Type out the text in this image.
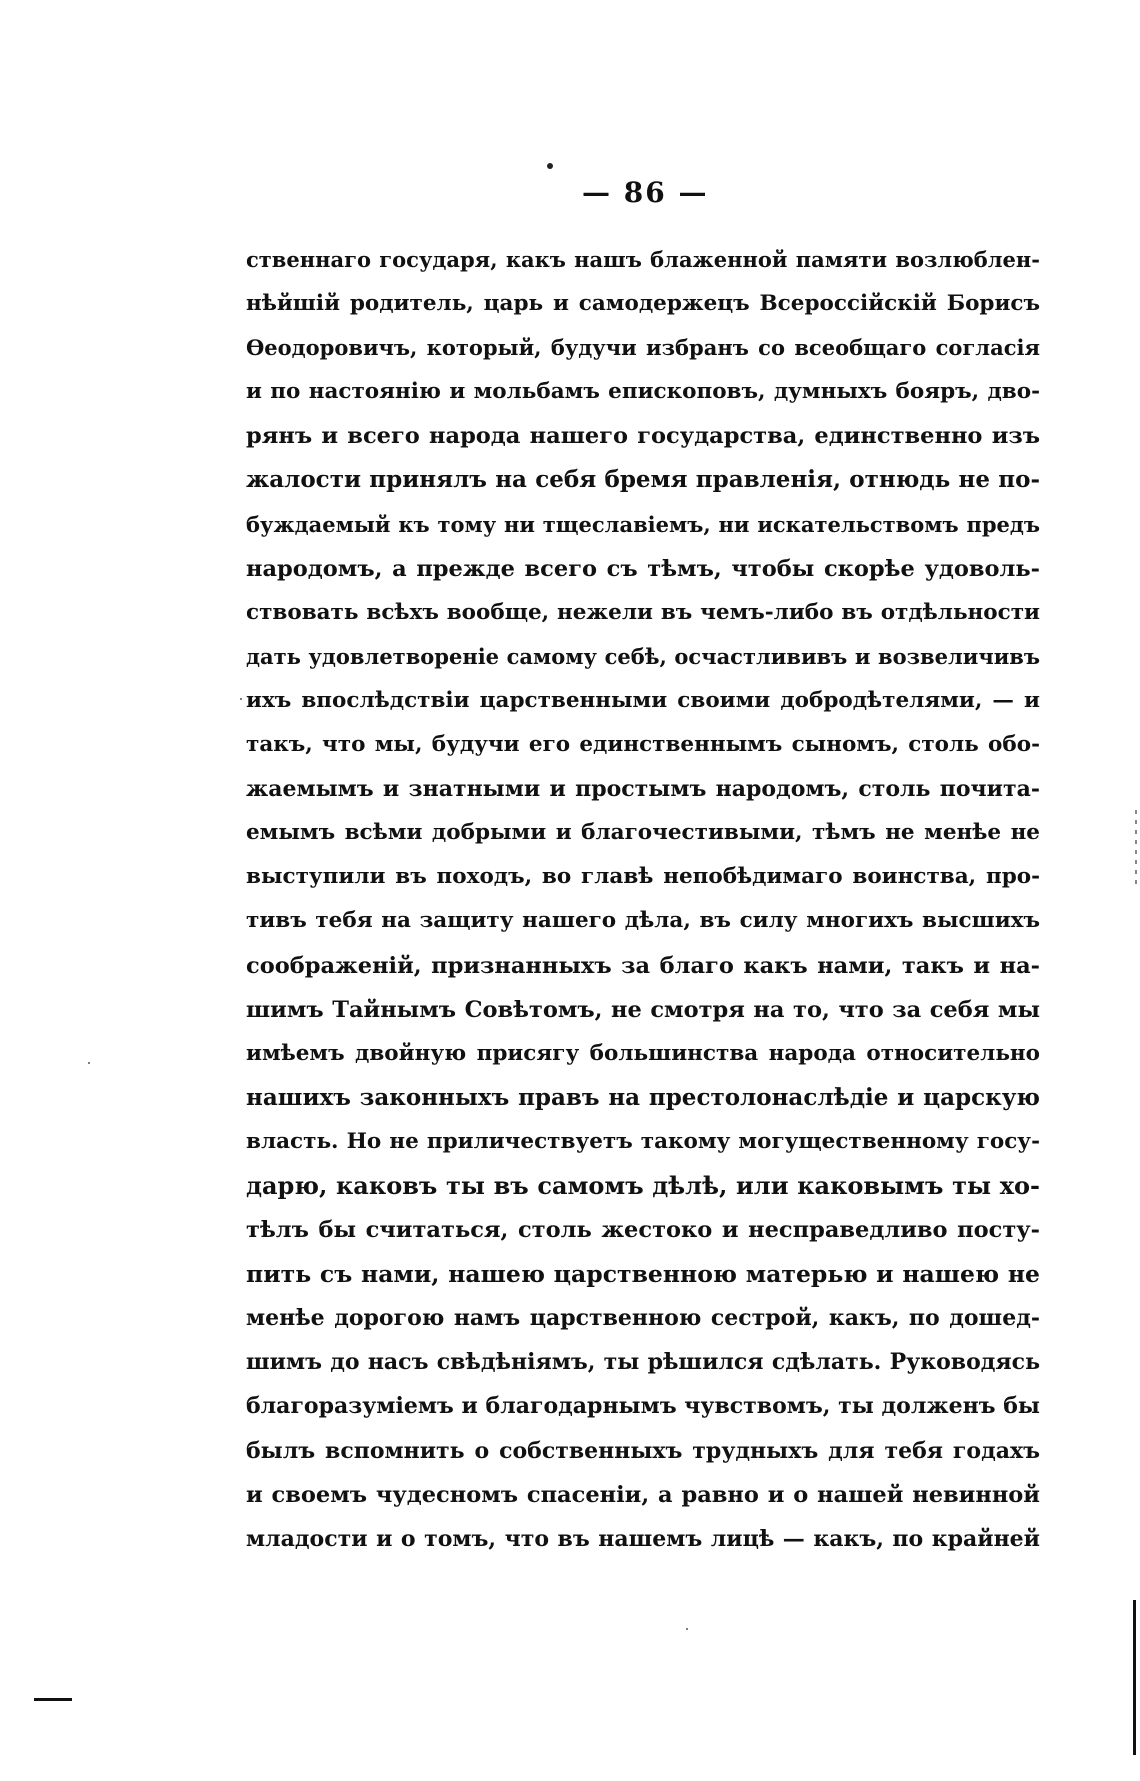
— 86 —
ственнаго государя, какъ нашъ блаженной памяти возлюблен-
нѣйшій родитель, царь и самодержецъ Всероссійскій Борисъ
Ѳеодоровичъ, который, будучи избранъ со всеобщаго согласія
и по настоянію и мольбамъ епископовъ, думныхъ бояръ, дво-
рянъ и всего народа нашего государства, единственно изъ
жалости принялъ на себя бремя правленія, отнюдь не по-
буждаемый къ тому ни тщеславіемъ, ни искательствомъ предъ
народомъ, а прежде всего съ тѣмъ, чтобы скорѣе удоволь-
ствовать всѣхъ вообще, нежели въ чемъ-либо въ отдѣльности
дать удовлетвореніе самому себѣ, осчастлививъ и возвеличивъ
ихъ впослѣдствіи царственными своими добродѣтелями, — и
такъ, что мы, будучи его единственнымъ сыномъ, столь обо-
жаемымъ и знатными и простымъ народомъ, столь почита-
емымъ всѣми добрыми и благочестивыми, тѣмъ не менѣе не
выступили въ походъ, во главѣ непобѣдимаго воинства, про-
тивъ тебя на защиту нашего дѣла, въ силу многихъ высшихъ
соображеній, признанныхъ за благо какъ нами, такъ и на-
шимъ Тайнымъ Совѣтомъ, не смотря на то, что за себя мы
имѣемъ двойную присягу большинства народа относительно
нашихъ законныхъ правъ на престолонаслѣдіе и царскую
власть. Но не приличествуетъ такому могущественному госу-
дарю, каковъ ты въ самомъ дѣлѣ, или каковымъ ты хо-
тѣлъ бы считаться, столь жестоко и несправедливо посту-
пить съ нами, нашею царственною матерью и нашею не
менѣе дорогою намъ царственною сестрой, какъ, по дошед-
шимъ до насъ свѣдѣніямъ, ты рѣшился сдѣлать. Руководясь
благоразуміемъ и благодарнымъ чувствомъ, ты долженъ бы
былъ вспомнить о собственныхъ трудныхъ для тебя годахъ
и своемъ чудесномъ спасеніи, а равно и о нашей невинной
младости и о томъ, что въ нашемъ лицѣ — какъ, по крайней
